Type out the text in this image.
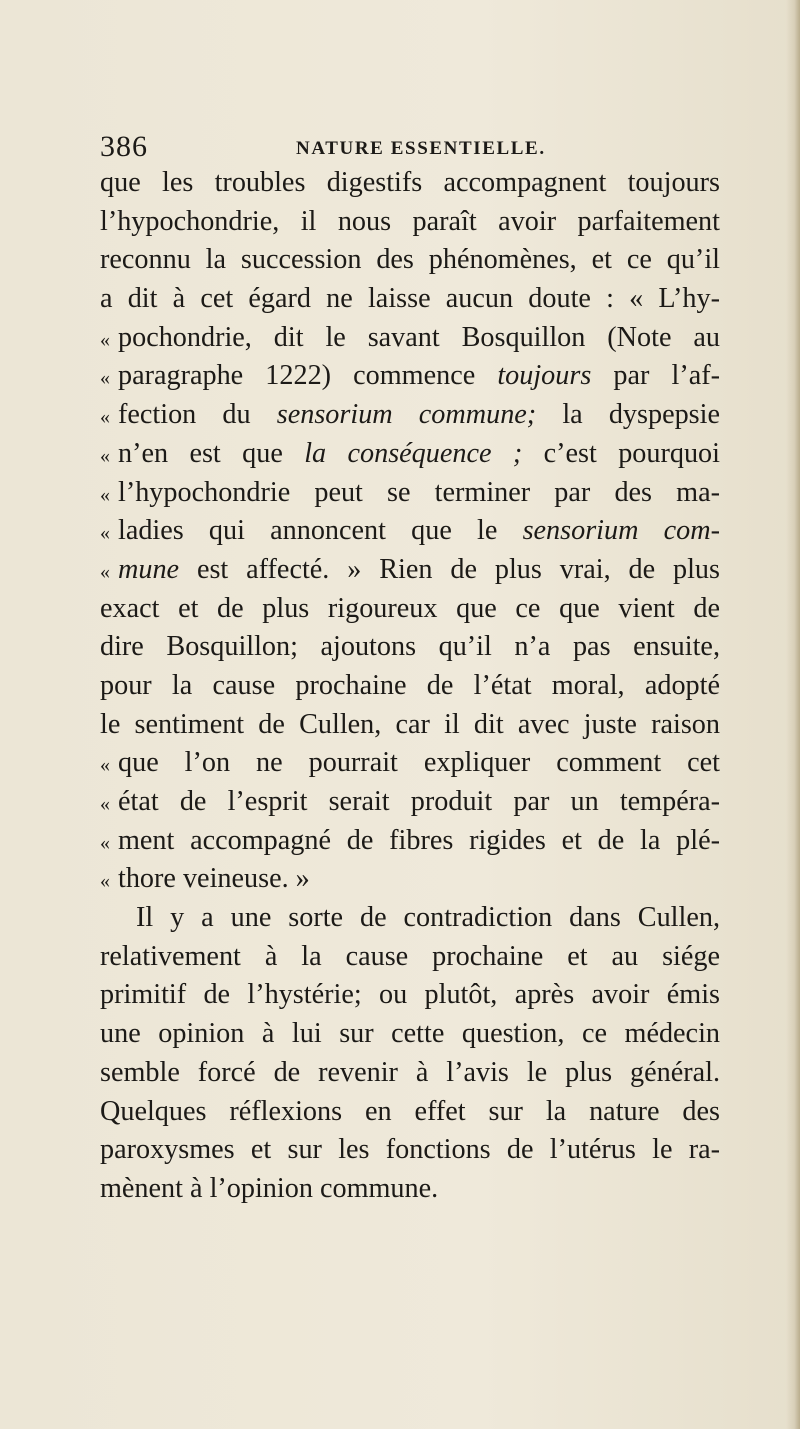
386	NATURE ESSENTIELLE.
que les troubles digestifs accompagnent toujours
l’hypochondrie, il nous paraît avoir parfaitement
reconnu la succession des phénomènes, et ce qu’il
a dit à cet égard ne laisse aucun doute : « L’hy-
« pochondrie, dit le savant Bosquillon (Note au
« paragraphe 1222) commence toujours par l’af-
« fection du sensorium commune; la dyspepsie
« n’en est que la conséquence ; c’est pourquoi
« l’hypochondrie peut se terminer par des ma-
« ladies qui annoncent que le sensorium com-
« mune est affecté. » Rien de plus vrai, de plus
exact et de plus rigoureux que ce que vient de
dire Bosquillon; ajoutons qu’il n’a pas ensuite,
pour la cause prochaine de l’état moral, adopté
le sentiment de Cullen, car il dit avec juste raison
« que l’on ne pourrait expliquer comment cet
« état de l’esprit serait produit par un tempéra-
« ment accompagné de fibres rigides et de la plé-
« thore veineuse. »
Il y a une sorte de contradiction dans Cullen,
relativement à la cause prochaine et au siége
primitif de l’hystérie; ou plutôt, après avoir émis
une opinion à lui sur cette question, ce médecin
semble forcé de revenir à l’avis le plus général.
Quelques réflexions en effet sur la nature des
paroxysmes et sur les fonctions de l’utérus le ra-
mènent à l’opinion commune.
